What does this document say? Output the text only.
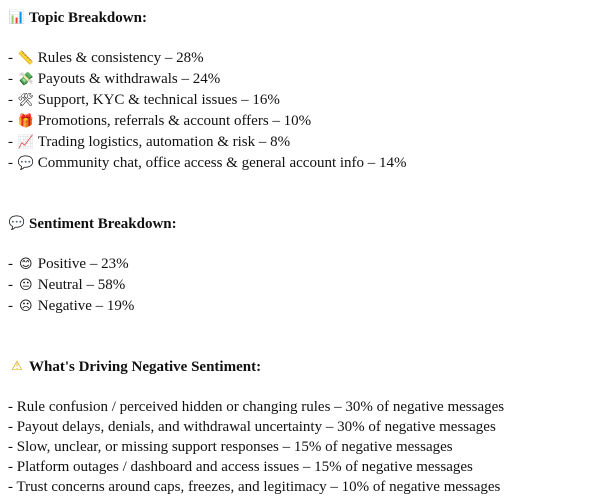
📊 Topic Breakdown:
- 📏 Rules & consistency – 28%
- 💸 Payouts & withdrawals – 24%
- 🛠 Support, KYC & technical issues – 16%
- 🎁 Promotions, referrals & account offers – 10%
- 📈 Trading logistics, automation & risk – 8%
- 💬 Community chat, office access & general account info – 14%
💬 Sentiment Breakdown:
- 😊 Positive – 23%
- 😐 Neutral – 58%
- ☹ Negative – 19%
⚠ What's Driving Negative Sentiment:
- Rule confusion / perceived hidden or changing rules – 30% of negative messages
- Payout delays, denials, and withdrawal uncertainty – 30% of negative messages
- Slow, unclear, or missing support responses – 15% of negative messages
- Platform outages / dashboard and access issues – 15% of negative messages
- Trust concerns around caps, freezes, and legitimacy – 10% of negative messages
